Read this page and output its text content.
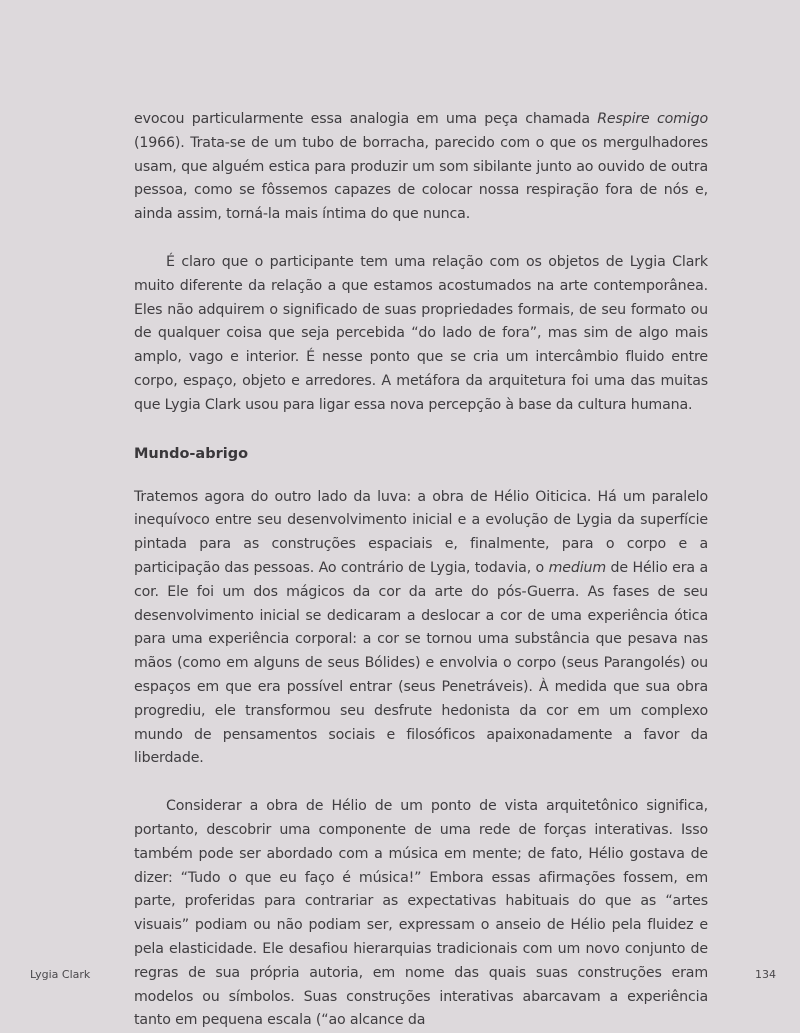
evocou particularmente essa analogia em uma peça chamada Respire comigo (1966). Trata-se de um tubo de borracha, parecido com o que os mergulhadores usam, que alguém estica para produzir um som sibilante junto ao ouvido de outra pessoa, como se fôssemos capazes de colocar nossa respiração fora de nós e, ainda assim, torná-la mais íntima do que nunca.

É claro que o participante tem uma relação com os objetos de Lygia Clark muito diferente da relação a que estamos acostumados na arte contemporânea. Eles não adquirem o significado de suas propriedades formais, de seu formato ou de qualquer coisa que seja percebida “do lado de fora”, mas sim de algo mais amplo, vago e interior. É nesse ponto que se cria um intercâmbio fluido entre corpo, espaço, objeto e arredores. A metáfora da arquitetura foi uma das muitas que Lygia Clark usou para ligar essa nova percepção à base da cultura humana.

Mundo-abrigo

Tratemos agora do outro lado da luva: a obra de Hélio Oiticica. Há um paralelo inequívoco entre seu desenvolvimento inicial e a evolução de Lygia da superfície pintada para as construções espaciais e, finalmente, para o corpo e a participação das pessoas. Ao contrário de Lygia, todavia, o medium de Hélio era a cor. Ele foi um dos mágicos da cor da arte do pós-Guerra. As fases de seu desenvolvimento inicial se dedicaram a deslocar a cor de uma experiência ótica para uma experiência corporal: a cor se tornou uma substância que pesava nas mãos (como em alguns de seus Bólides) e envolvia o corpo (seus Parangolés) ou espaços em que era possível entrar (seus Penetráveis). À medida que sua obra progrediu, ele transformou seu desfrute hedonista da cor em um complexo mundo de pensamentos sociais e filosóficos apaixonadamente a favor da liberdade.

Considerar a obra de Hélio de um ponto de vista arquitetônico significa, portanto, descobrir uma componente de uma rede de forças interativas. Isso também pode ser abordado com a música em mente; de fato, Hélio gostava de dizer: “Tudo o que eu faço é música!” Embora essas afirmações fossem, em parte, proferidas para contrariar as expectativas habituais do que as “artes visuais” podiam ou não podiam ser, expressam o anseio de Hélio pela fluidez e pela elasticidade. Ele desafiou hierarquias tradicionais com um novo conjunto de regras de sua própria autoria, em nome das quais suas construções eram modelos ou símbolos. Suas construções interativas abarcavam a experiência tanto em pequena escala (“ao alcance da

Lygia Clark	134
